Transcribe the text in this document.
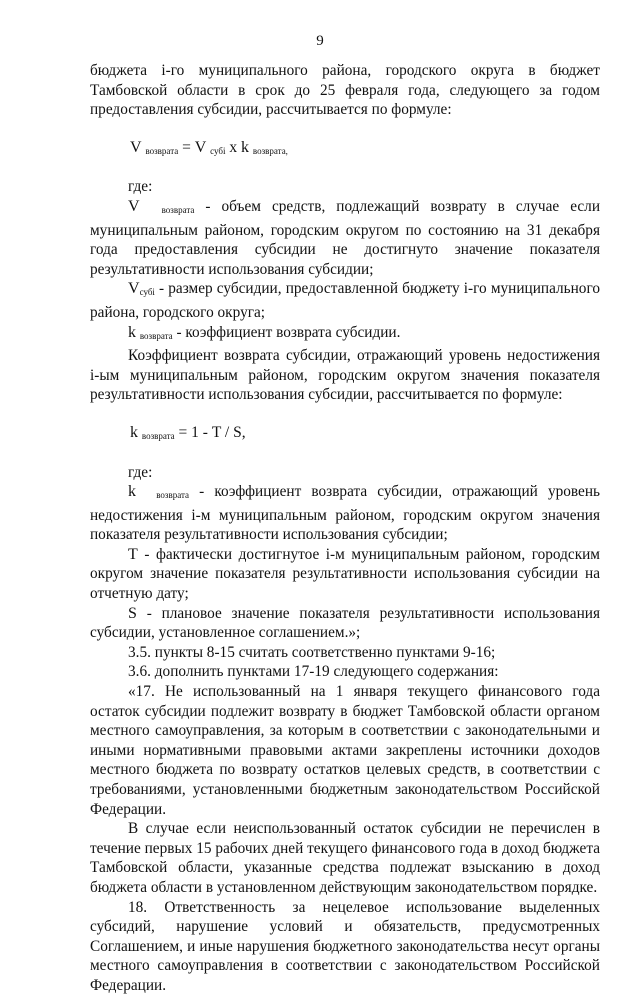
9

бюджета i-го муниципального района, городского округа в бюджет Тамбовской области в срок до 25 февраля года, следующего за годом предоставления субсидии, рассчитывается по формуле:

V $_{возврата}$ = V $_{субi}$ x k $_{возврата,}$

где:

V $_{возврата}$ - объем средств, подлежащий возврату в случае если муниципальным районом, городским округом по состоянию на 31 декабря года предоставления субсидии не достигнуто значение показателя результативности использования субсидии;

$V_{субi}$ - размер субсидии, предоставленной бюджету i-го муниципального района, городского округа;

k $_{возврата}$ - коэффициент возврата субсидии.

Коэффициент возврата субсидии, отражающий уровень недостижения i-ым муниципальным районом, городским округом значения показателя результативности использования субсидии, рассчитывается по формуле:

k $_{возврата}$ = 1 - T / S,

где:

k $_{возврата}$ - коэффициент возврата субсидии, отражающий уровень недостижения i-м муниципальным районом, городским округом значения показателя результативности использования субсидии;

T - фактически достигнутое i-м муниципальным районом, городским округом значение показателя результативности использования субсидии на отчетную дату;

S - плановое значение показателя результативности использования субсидии, установленное соглашением.»;

3.5. пункты 8-15 считать соответственно пунктами 9-16;

3.6. дополнить пунктами 17-19 следующего содержания:

«17. Не использованный на 1 января текущего финансового года остаток субсидии подлежит возврату в бюджет Тамбовской области органом местного самоуправления, за которым в соответствии с законодательными и иными нормативными правовыми актами закреплены источники доходов местного бюджета по возврату остатков целевых средств, в соответствии с требованиями, установленными бюджетным законодательством Российской Федерации.

В случае если неиспользованный остаток субсидии не перечислен в течение первых 15 рабочих дней текущего финансового года в доход бюджета Тамбовской области, указанные средства подлежат взысканию в доход бюджета области в установленном действующим законодательством порядке.

18. Ответственность за нецелевое использование выделенных субсидий, нарушение условий и обязательств, предусмотренных Соглашением, и иные нарушения бюджетного законодательства несут органы местного самоуправления в соответствии с законодательством Российской Федерации.
